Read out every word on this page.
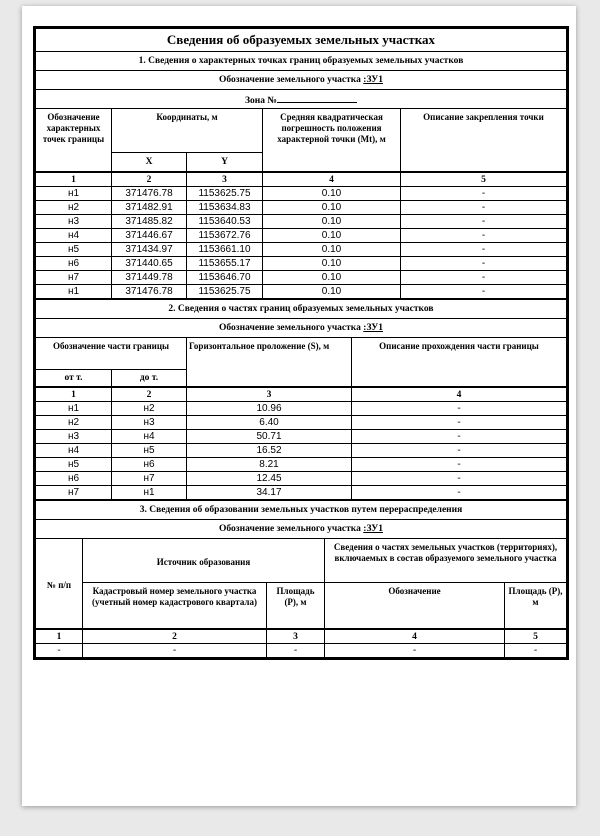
Сведения об образуемых земельных участках				
1. Сведения о характерных точках границ образуемых земельных участков				
Обозначение земельного участка :ЗУ1				
Зона №				
Обозначение характерных точек границы	Координаты, м		Средняя квадратическая погрешность положения характерной точки (Mt), м	Описание закрепления точки
	X	Y		
1	2	3	4	5
н1	371476.78	1153625.75	0.10	-
н2	371482.91	1153634.83	0.10	-
н3	371485.82	1153640.53	0.10	-
н4	371446.67	1153672.76	0.10	-
н5	371434.97	1153661.10	0.10	-
н6	371440.65	1153655.17	0.10	-
н7	371449.78	1153646.70	0.10	-
н1	371476.78	1153625.75	0.10	-
2. Сведения о частях границ образуемых земельных участков			
Обозначение земельного участка :ЗУ1			
Обозначение части границы		Горизонтальное проложение (S), м	Описание прохождения части границы
от т.	до т.		
1	2	3	4
н1	н2	10.96	-
н2	н3	6.40	-
н3	н4	50.71	-
н4	н5	16.52	-
н5	н6	8.21	-
н6	н7	12.45	-
н7	н1	34.17	-
3. Сведения об образовании земельных участков путем перераспределения				
Обозначение земельного участка :ЗУ1				
№ п/п	Источник образования		Сведения о частях земельных участков (территориях), включаемых в состав образуемого земельного участка	
	Кадастровый номер земельного участка (учетный номер кадастрового квартала)	Площадь (P), м	Обозначение	Площадь (P), м
1	2	3	4	5
-	-	-	-	-
